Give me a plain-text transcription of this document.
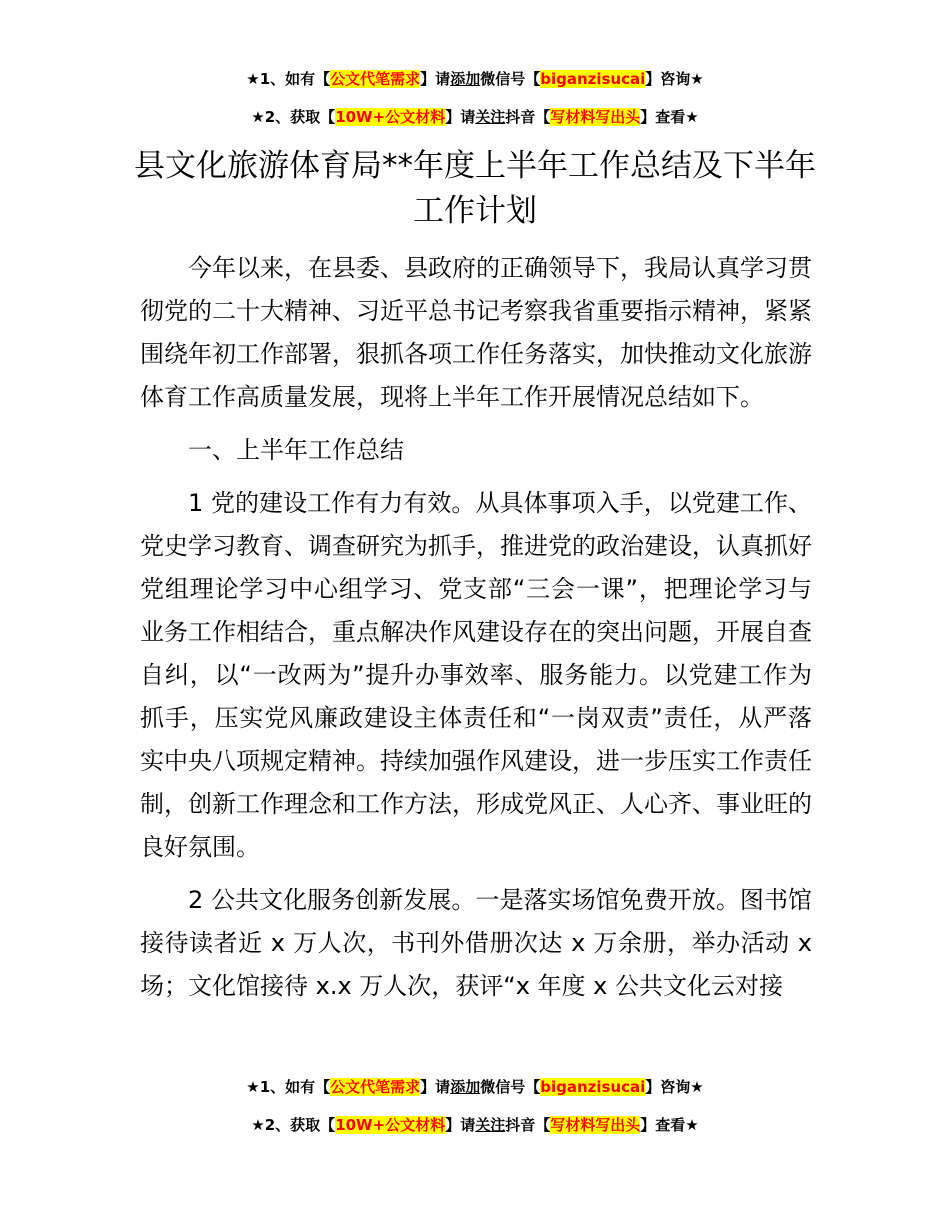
★1、如有【公文代笔需求】请添加微信号【biganzisucai】咨询★
★2、获取【10W+公文材料】请关注抖音【写材料写出头】查看★
县文化旅游体育局**年度上半年工作总结及下半年工作计划

今年以来，在县委、县政府的正确领导下，我局认真学习贯彻党的二十大精神、习近平总书记考察我省重要指示精神，紧紧围绕年初工作部署，狠抓各项工作任务落实，加快推动文化旅游体育工作高质量发展，现将上半年工作开展情况总结如下。

一、上半年工作总结

1 党的建设工作有力有效。从具体事项入手，以党建工作、党史学习教育、调查研究为抓手，推进党的政治建设，认真抓好党组理论学习中心组学习、党支部“三会一课”，把理论学习与业务工作相结合，重点解决作风建设存在的突出问题，开展自查自纠，以“一改两为”提升办事效率、服务能力。以党建工作为抓手，压实党风廉政建设主体责任和“一岗双责”责任，从严落实中央八项规定精神。持续加强作风建设，进一步压实工作责任制，创新工作理念和工作方法，形成党风正、人心齐、事业旺的良好氛围。

2 公共文化服务创新发展。一是落实场馆免费开放。图书馆接待读者近 x 万人次，书刊外借册次达 x 万余册，举办活动 x 场；文化馆接待 x.x 万人次，获评“x 年度 x 公共文化云对接

★1、如有【公文代笔需求】请添加微信号【biganzisucai】咨询★
★2、获取【10W+公文材料】请关注抖音【写材料写出头】查看★
